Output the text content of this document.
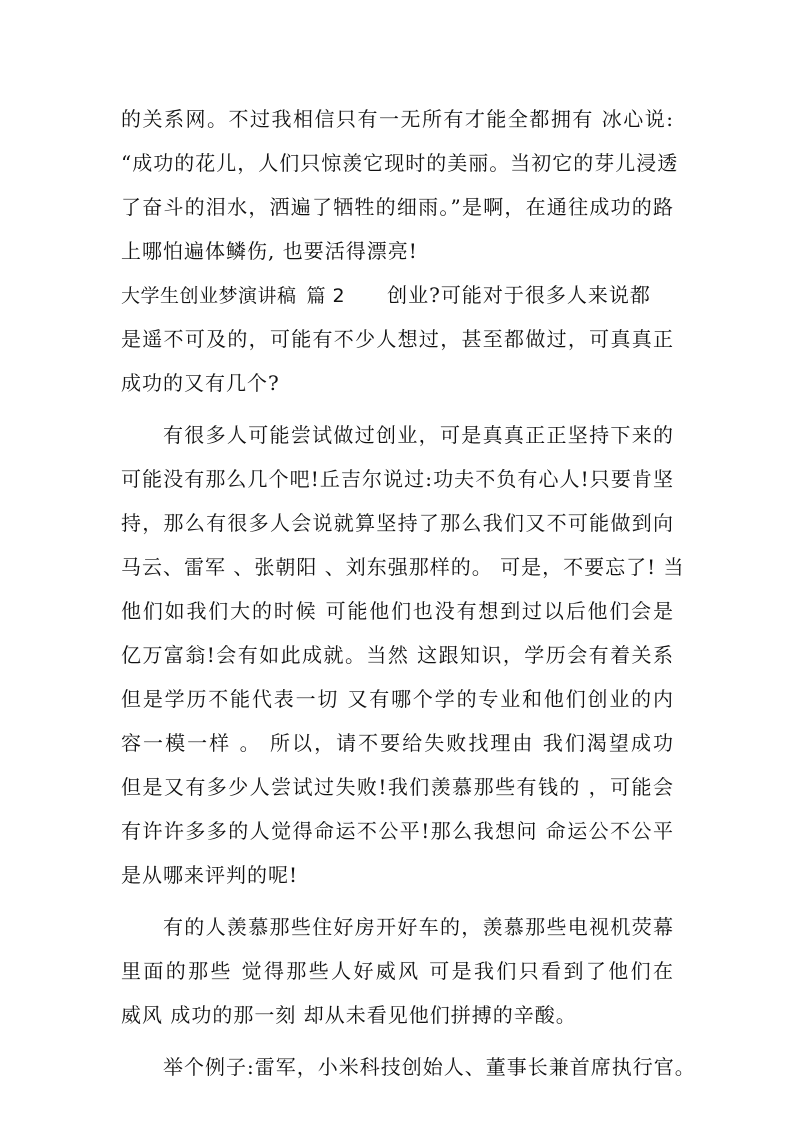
的关系网。不过我相信只有一无所有才能全都拥有 冰心说:
“成功的花儿，人们只惊羡它现时的美丽。当初它的芽儿浸透
了奋斗的泪水，洒遍了牺牲的细雨。”是啊，在通往成功的路
上哪怕遍体鳞伤, 也要活得漂亮!
大学生创业梦演讲稿 篇 2 创业?可能对于很多人来说都
是遥不可及的，可能有不少人想过，甚至都做过，可真真正
成功的又有几个?
有很多人可能尝试做过创业，可是真真正正坚持下来的
可能没有那么几个吧!丘吉尔说过:功夫不负有心人!只要肯坚
持，那么有很多人会说就算坚持了那么我们又不可能做到向
马云、雷军 、张朝阳 、刘东强那样的。 可是，不要忘了! 当
他们如我们大的时候 可能他们也没有想到过以后他们会是
亿万富翁!会有如此成就。当然 这跟知识，学历会有着关系
但是学历不能代表一切 又有哪个学的专业和他们创业的内
容一模一样 。 所以，请不要给失败找理由 我们渴望成功
但是又有多少人尝试过失败!我们羡慕那些有钱的 ，可能会
有许许多多的人觉得命运不公平!那么我想问 命运公不公平
是从哪来评判的呢!
有的人羡慕那些住好房开好车的，羡慕那些电视机荧幕
里面的那些 觉得那些人好威风 可是我们只看到了他们在
威风 成功的那一刻 却从未看见他们拼搏的辛酸。
举个例子:雷军，小米科技创始人、董事长兼首席执行官。
